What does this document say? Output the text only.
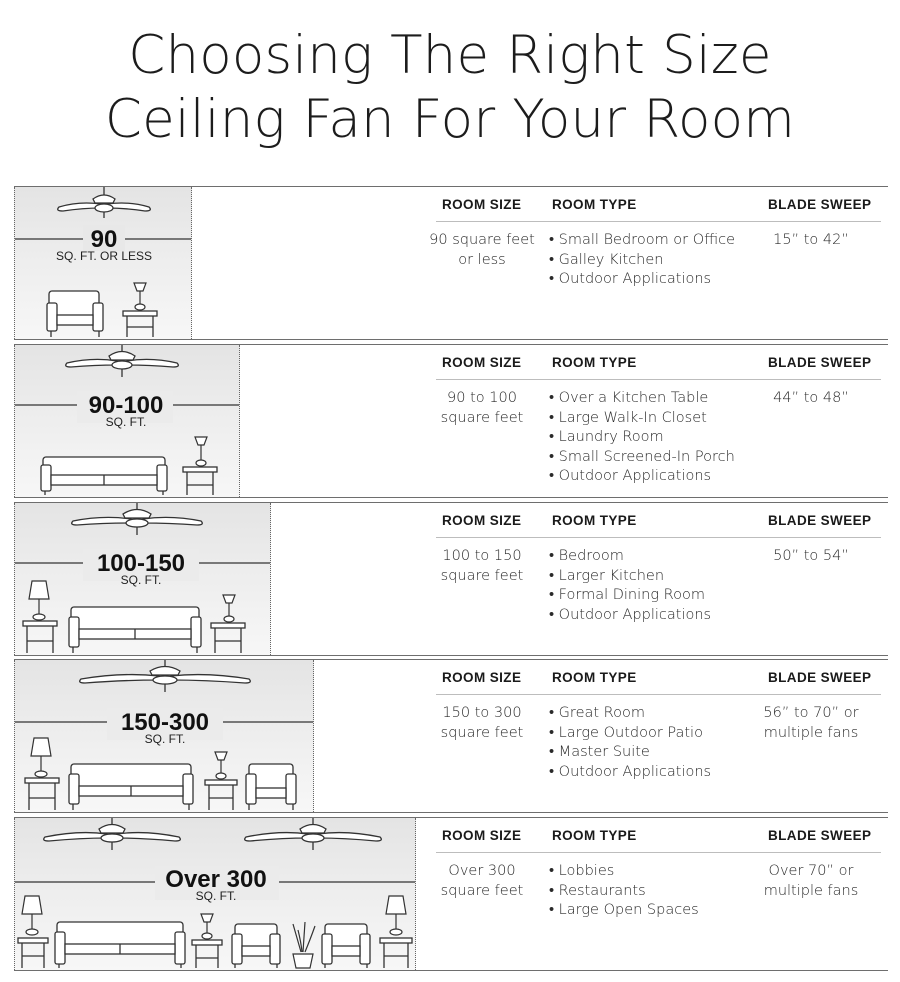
Choosing The Right Size
Ceiling Fan For Your Room
90
SQ. FT. OR LESS
ROOM SIZE ROOM TYPE	BLADE SWEEP
90 square feet or less
• Small Bedroom or Office
• Galley Kitchen
• Outdoor Applications
15” to 42”
90-100
SQ. FT.
ROOM SIZE ROOM TYPE	BLADE SWEEP
90 to 100 square feet
• Over a Kitchen Table
• Large Walk-In Closet
• Laundry Room
• Small Screened-In Porch
• Outdoor Applications
44” to 48”
100-150
SQ. FT.
ROOM SIZE ROOM TYPE	BLADE SWEEP
100 to 150 square feet
• Bedroom
• Larger Kitchen
• Formal Dining Room
• Outdoor Applications
50” to 54”
150-300
SQ. FT.
ROOM SIZE ROOM TYPE	BLADE SWEEP
150 to 300 square feet
• Great Room
• Large Outdoor Patio
• Master Suite
• Outdoor Applications
56” to 70” or multiple fans
Over 300
SQ. FT.
ROOM SIZE ROOM TYPE	BLADE SWEEP
Over 300 square feet
• Lobbies
• Restaurants
• Large Open Spaces
Over 70” or multiple fans
